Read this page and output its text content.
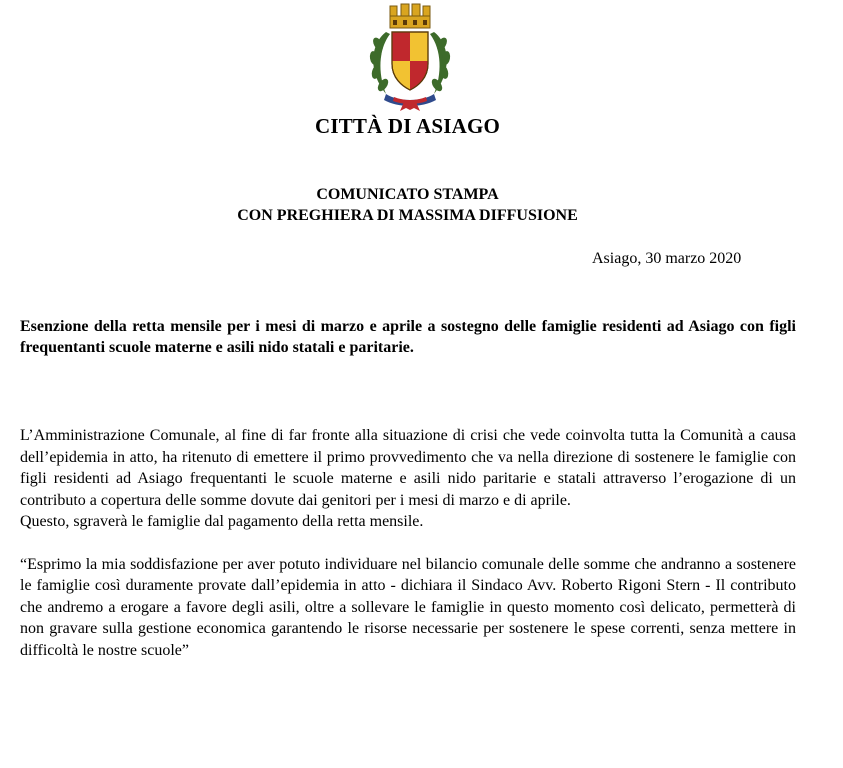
CITTÀ DI ASIAGO
COMUNICATO STAMPA
CON PREGHIERA DI MASSIMA DIFFUSIONE
Asiago, 30 marzo 2020
Esenzione della retta mensile per i mesi di marzo e aprile a sostegno delle famiglie residenti ad Asiago con figli frequentanti scuole materne e asili nido statali e paritarie.

L’Amministrazione Comunale, al fine di far fronte alla situazione di crisi che vede coinvolta tutta la Comunità a causa dell’epidemia in atto, ha ritenuto di emettere il primo provvedimento che va nella direzione di sostenere le famiglie con figli residenti ad Asiago frequentanti le scuole materne e asili nido paritarie e statali attraverso l’erogazione di un contributo a copertura delle somme dovute dai genitori per i mesi di marzo e di aprile.

Questo, sgraverà le famiglie dal pagamento della retta mensile.

“Esprimo la mia soddisfazione per aver potuto individuare nel bilancio comunale delle somme che andranno a sostenere le famiglie così duramente provate dall’epidemia in atto - dichiara il Sindaco Avv. Roberto Rigoni Stern - Il contributo che andremo a erogare a favore degli asili, oltre a sollevare le famiglie in questo momento così delicato, permetterà di non gravare sulla gestione economica garantendo le risorse necessarie per sostenere le spese correnti, senza mettere in difficoltà le nostre scuole”
